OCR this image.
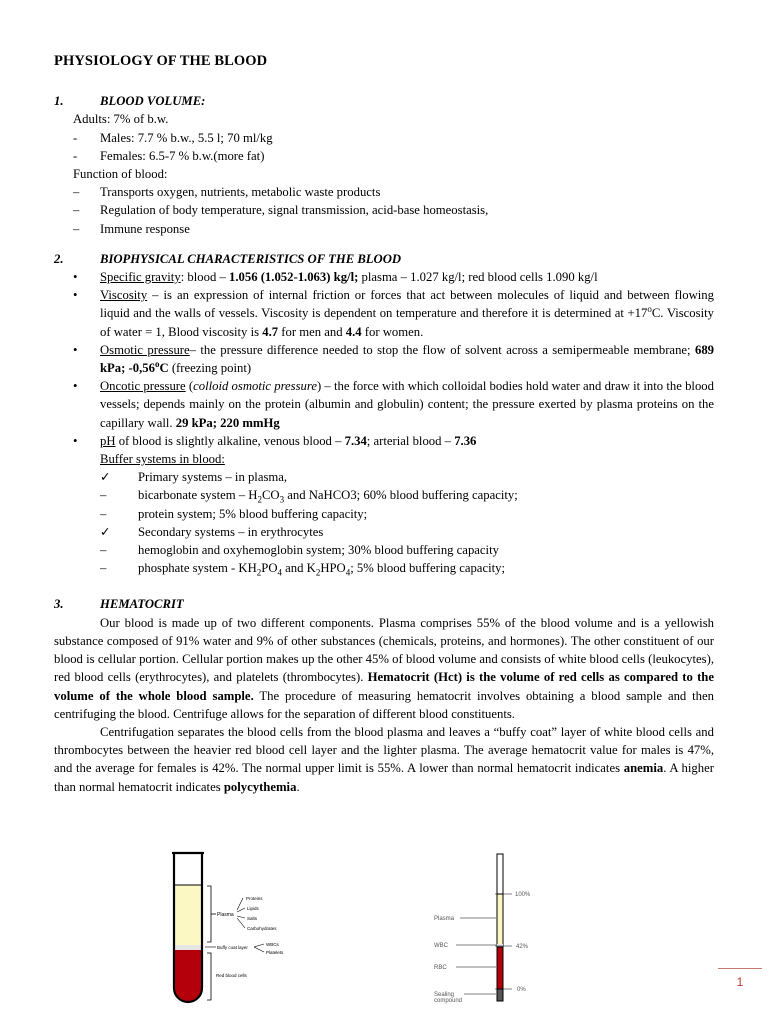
PHYSIOLOGY OF THE BLOOD
1.	BLOOD VOLUME:
Adults: 7% of b.w.
-	Males: 7.7 % b.w., 5.5 l; 70 ml/kg
-	Females: 6.5-7 % b.w.(more fat)
Function of blood:
–	Transports oxygen, nutrients, metabolic waste products
–	Regulation of body temperature, signal transmission, acid-base homeostasis,
–	Immune response
2.	BIOPHYSICAL CHARACTERISTICS OF THE BLOOD
•	Specific gravity: blood – 1.056 (1.052-1.063) kg/l; plasma – 1.027 kg/l; red blood cells 1.090 kg/l
•	Viscosity – is an expression of internal friction or forces that act between molecules of liquid and between flowing liquid and the walls of vessels. Viscosity is dependent on temperature and therefore it is determined at $+17^oC$. Viscosity of water = 1, Blood viscosity is 4.7 for men and 4.4 for women.
•	Osmotic pressure– the pressure difference needed to stop the flow of solvent across a semipermeable membrane; 689 kPa; -0,56$^o$C (freezing point)
•	Oncotic pressure (colloid osmotic pressure) – the force with which colloidal bodies hold water and draw it into the blood vessels; depends mainly on the protein (albumin and globulin) content; the pressure exerted by plasma proteins on the capillary wall. 29 kPa; 220 mmHg
•	pH of blood is slightly alkaline, venous blood – 7.34; arterial blood – 7.36
Buffer systems in blood:
✓	Primary systems – in plasma,
–	bicarbonate system – $H_2CO_3$ and NaHCO3; 60% blood buffering capacity;
–	protein system; 5% blood buffering capacity;
✓	Secondary systems – in erythrocytes
–	hemoglobin and oxyhemoglobin system; 30% blood buffering capacity
–	phosphate system - $KH_2PO_4$ and $K_2HPO_4$; 5% blood buffering capacity;
3.	HEMATOCRIT
Our blood is made up of two different components. Plasma comprises 55% of the blood volume and is a yellowish substance composed of 91% water and 9% of other substances (chemicals, proteins, and hormones). The other constituent of our blood is cellular portion. Cellular portion makes up the other 45% of blood volume and consists of white blood cells (leukocytes), red blood cells (erythrocytes), and platelets (thrombocytes). Hematocrit (Hct) is the volume of red cells as compared to the volume of the whole blood sample. The procedure of measuring hematocrit involves obtaining a blood sample and then centrifuging the blood. Centrifuge allows for the separation of different blood constituents.
Centrifugation separates the blood cells from the blood plasma and leaves a “buffy coat” layer of white blood cells and thrombocytes between the heavier red blood cell layer and the lighter plasma. The average hematocrit value for males is 47%, and the average for females is 42%. The normal upper limit is 55%. A lower than normal hematocrit indicates anemia. A higher than normal hematocrit indicates polycythemia.
Plasma
Proteins
Lipids
Salts
Carbohydrates
Buffy coat layer
WBCs
Platelets
Red blood cells
100%
42%
0%
Plasma
WBC
RBC
Sealing
compound
1
